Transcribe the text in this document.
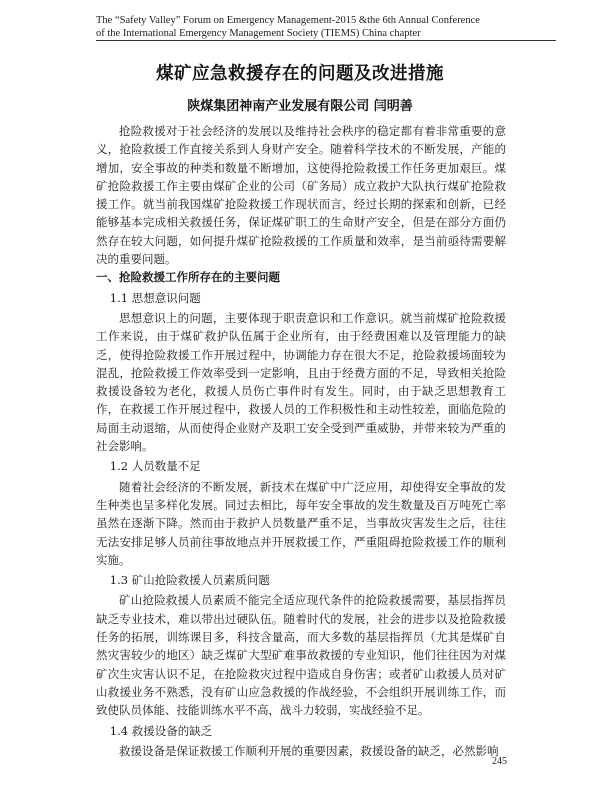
The “Safety Valley” Forum on Emergency Management-2015 &the 6th Annual Conference
of the International Emergency Management Society (TIEMS) China chapter
煤矿应急救援存在的问题及改进措施
陕煤集团神南产业发展有限公司 闫明善

抢险救援对于社会经济的发展以及维持社会秩序的稳定都有着非常重要的意义，抢险救援工作直接关系到人身财产安全。随着科学技术的不断发展，产能的增加，安全事故的种类和数量不断增加，这使得抢险救援工作任务更加艰巨。煤矿抢险救援工作主要由煤矿企业的公司（矿务局）成立救护大队执行煤矿抢险救援工作。就当前我国煤矿抢险救援工作现状而言，经过长期的探索和创新，已经能够基本完成相关救援任务，保证煤矿职工的生命财产安全，但是在部分方面仍然存在较大问题，如何提升煤矿抢险救援的工作质量和效率，是当前亟待需要解决的重要问题。

一、抢险救援工作所存在的主要问题

1.1 思想意识问题

思想意识上的问题，主要体现于职责意识和工作意识。就当前煤矿抢险救援工作来说，由于煤矿救护队伍属于企业所有，由于经费困难以及管理能力的缺乏，使得抢险救援工作开展过程中，协调能力存在很大不足，抢险救援场面较为混乱，抢险救援工作效率受到一定影响，且由于经费方面的不足，导致相关抢险救援设备较为老化，救援人员伤亡事件时有发生。同时，由于缺乏思想教育工作，在救援工作开展过程中，救援人员的工作积极性和主动性较差，面临危险的局面主动退缩，从而使得企业财产及职工安全受到严重威胁，并带来较为严重的社会影响。

1.2 人员数量不足

随着社会经济的不断发展，新技术在煤矿中广泛应用，却使得安全事故的发生种类也呈多样化发展。同过去相比，每年安全事故的发生数量及百万吨死亡率虽然在逐渐下降。然而由于救护人员数量严重不足，当事故灾害发生之后，往往无法安排足够人员前往事故地点并开展救援工作，严重阻碍抢险救援工作的顺利实施。

1.3 矿山抢险救援人员素质问题

矿山抢险救援人员素质不能完全适应现代条件的抢险救援需要，基层指挥员缺乏专业技术，难以带出过硬队伍。随着时代的发展，社会的进步以及抢险救援任务的拓展，训练课目多，科技含量高，而大多数的基层指挥员（尤其是煤矿自然灾害较少的地区）缺乏煤矿大型矿难事故救援的专业知识，他们往往因为对煤矿次生灾害认识不足，在抢险救灾过程中造成自身伤害；或者矿山救援人员对矿山救援业务不熟悉，没有矿山应急救援的作战经验，不会组织开展训练工作，而致使队员体能、技能训练水平不高，战斗力较弱，实战经验不足。

1.4 救援设备的缺乏

救援设备是保证救援工作顺利开展的重要因素，救援设备的缺乏，必然影响

245
